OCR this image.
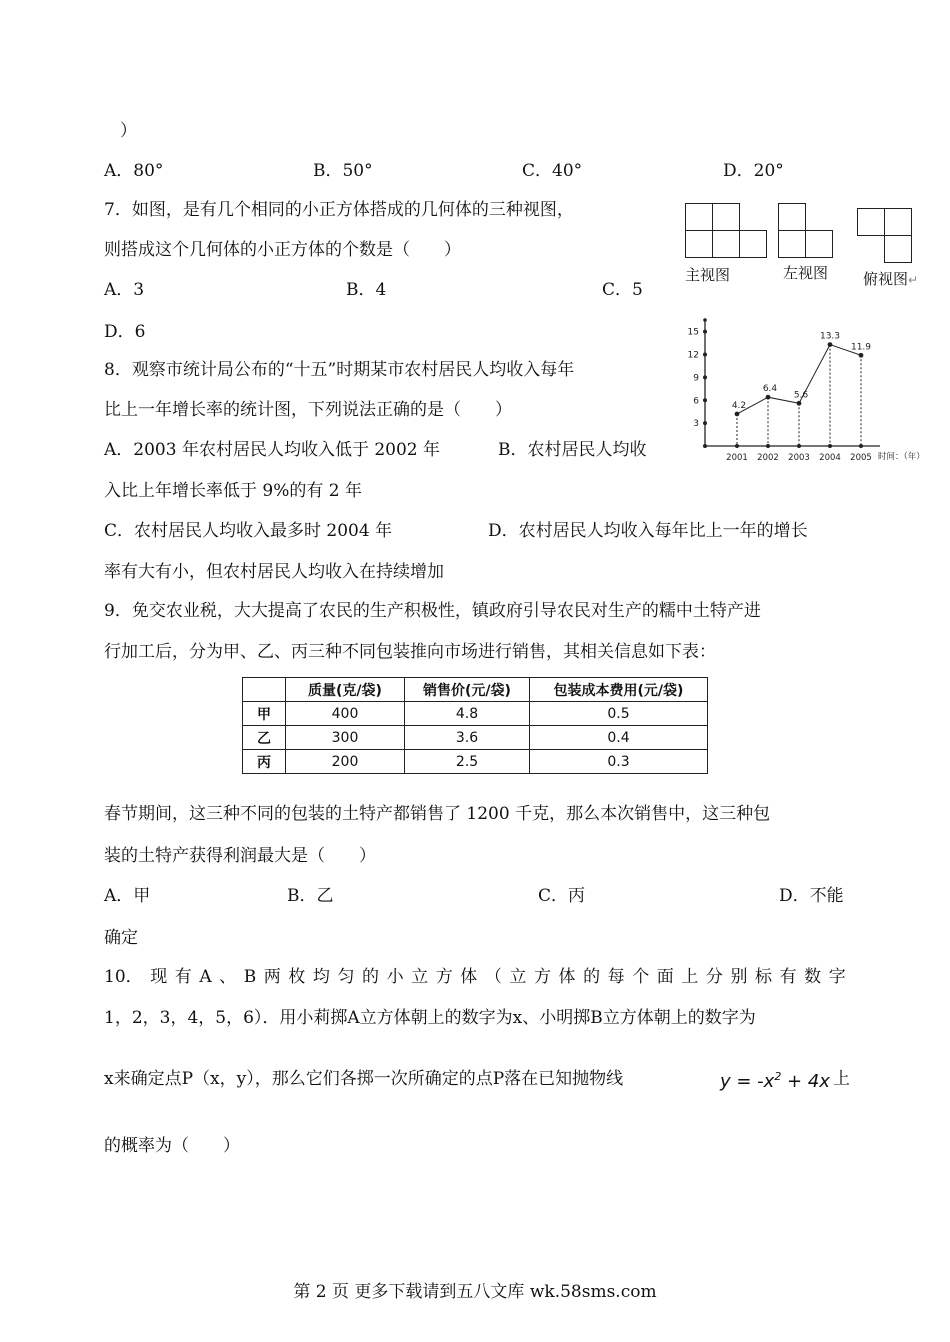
）
A．80°	B．50°	C．40°	D．20°
7．如图，是有几个相同的小正方体搭成的几何体的三种视图，
则搭成这个几何体的小正方体的个数是（　　）
A．3	B．4	C．5
D．6
主视图	左视图 俯视图↵
3
6
9
12
15
2001 2002 2003 2004 2005 时间：（年）
4.2
6.4
5.6
13.3
11.9
8．观察市统计局公布的“十五”时期某市农村居民人均收入每年
比上一年增长率的统计图，下列说法正确的是（　　）
A．2003 年农村居民人均收入低于 2002 年	B．农村居民人均收
入比上年增长率低于 9%的有 2 年
C．农村居民人均收入最多时 2004 年	D．农村居民人均收入每年比上一年的增长
率有大有小，但农村居民人均收入在持续增加
9．免交农业税，大大提高了农民的生产积极性，镇政府引导农民对生产的糯中土特产进
行加工后，分为甲、乙、丙三种不同包装推向市场进行销售，其相关信息如下表：
	质量(克/袋)	销售价(元/袋)	包装成本费用(元/袋)
甲	400	4.8	0.5
乙	300	3.6	0.4
丙	200	2.5	0.3
春节期间，这三种不同的包装的土特产都销售了 1200 千克，那么本次销售中，这三种包
装的土特产获得利润最大是（　　）
A．甲	B．乙	C．丙	D．不能
确定
10． 现 有 A 、 B 两 枚 均 匀 的 小 立 方 体 （ 立 方 体 的 每 个 面 上 分 别 标 有 数 字
1，2，3，4，5，6）．用小莉掷A立方体朝上的数字为x、小明掷B立方体朝上的数字为
x来确定点P（x，y），那么它们各掷一次所确定的点P落在已知抛物线	$y = -x^2 + 4x$ 上
的概率为（　　）
第 2 页 更多下载请到五八文库 wk.58sms.com
